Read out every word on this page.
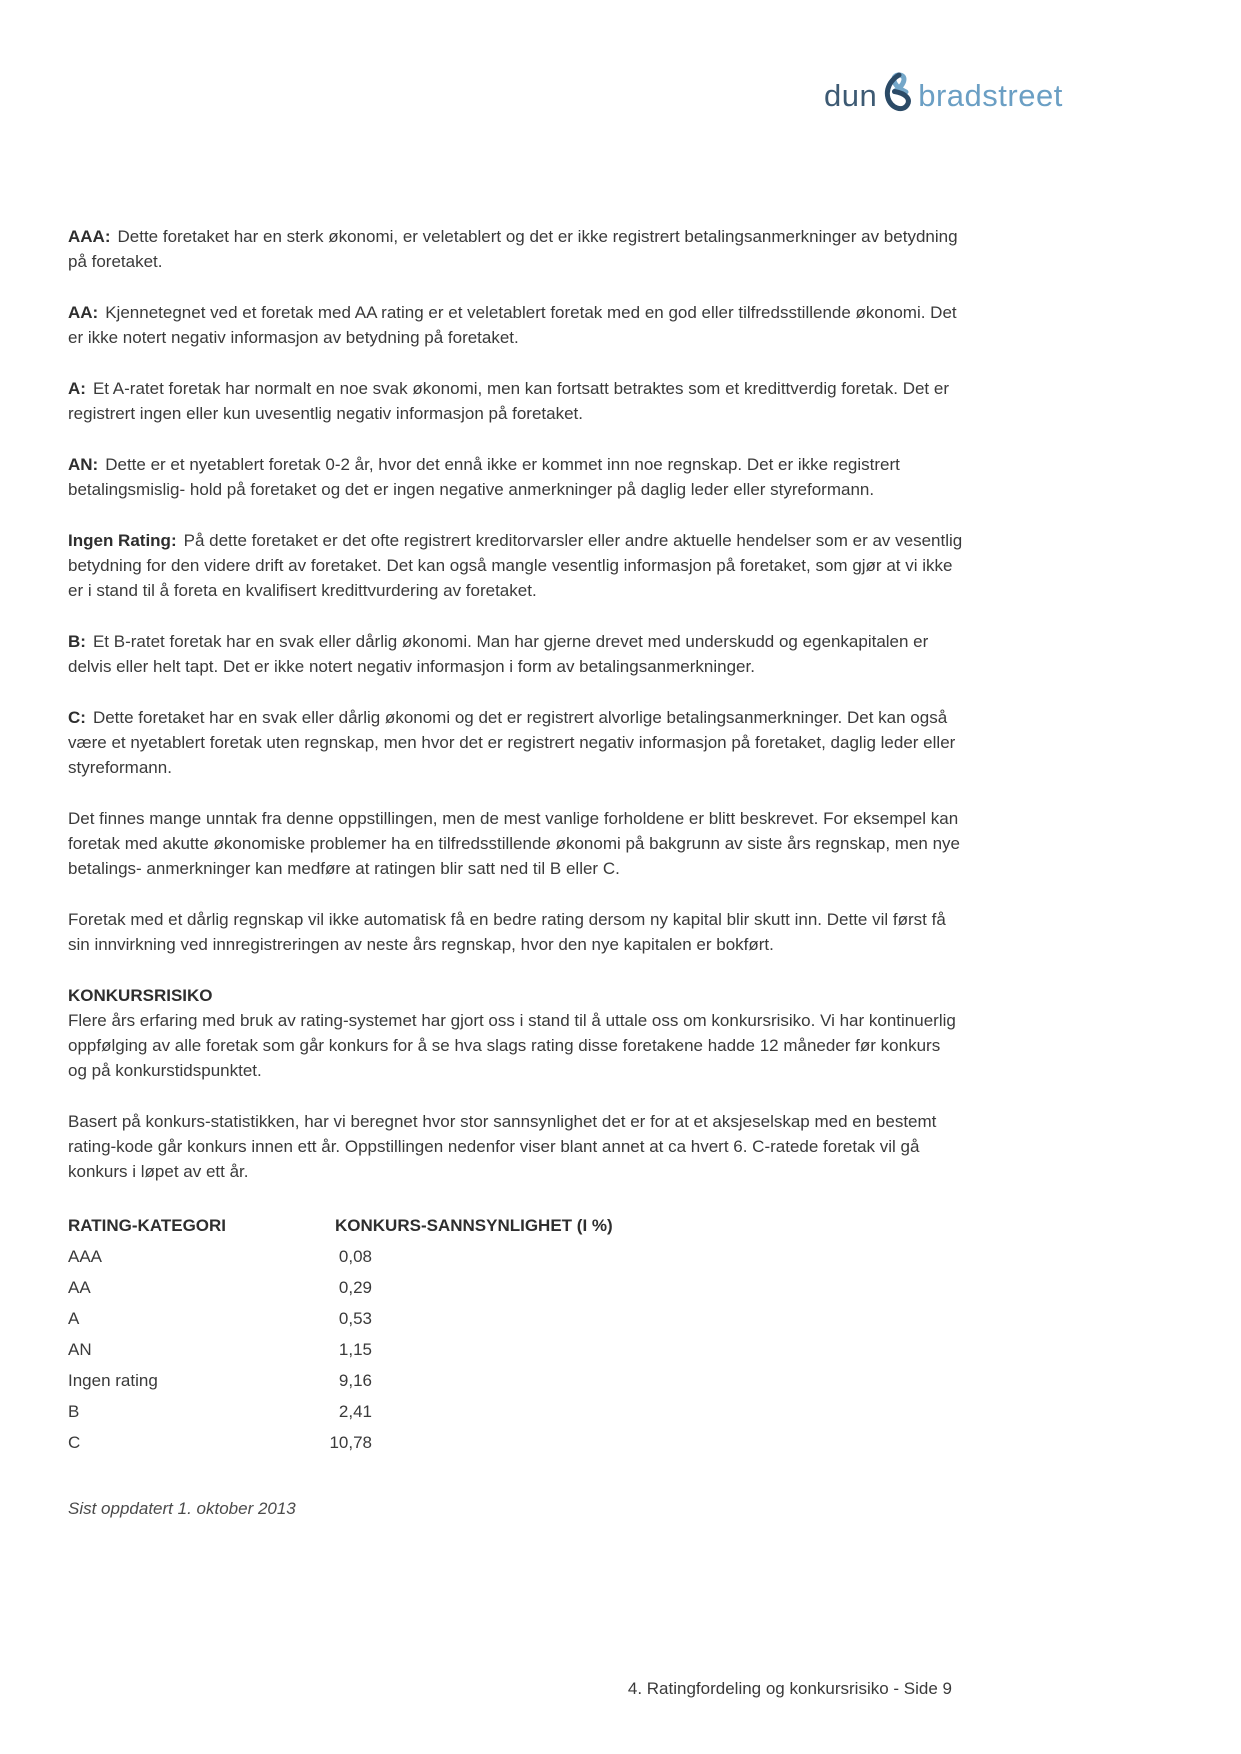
dun bradstreet

AAA: Dette foretaket har en sterk økonomi, er veletablert og det er ikke registrert betalingsanmerkninger av betydning på foretaket.

AA: Kjennetegnet ved et foretak med AA rating er et veletablert foretak med en god eller tilfredsstillende økonomi. Det er ikke notert negativ informasjon av betydning på foretaket.

A: Et A-ratet foretak har normalt en noe svak økonomi, men kan fortsatt betraktes som et kredittverdig foretak. Det er registrert ingen eller kun uvesentlig negativ informasjon på foretaket.

AN: Dette er et nyetablert foretak 0-2 år, hvor det ennå ikke er kommet inn noe regnskap. Det er ikke registrert betalingsmislig- hold på foretaket og det er ingen negative anmerkninger på daglig leder eller styreformann.

Ingen Rating: På dette foretaket er det ofte registrert kreditorvarsler eller andre aktuelle hendelser som er av vesentlig betydning for den videre drift av foretaket. Det kan også mangle vesentlig informasjon på foretaket, som gjør at vi ikke er i stand til å foreta en kvalifisert kredittvurdering av foretaket.

B: Et B-ratet foretak har en svak eller dårlig økonomi. Man har gjerne drevet med underskudd og egenkapitalen er delvis eller helt tapt. Det er ikke notert negativ informasjon i form av betalingsanmerkninger.

C: Dette foretaket har en svak eller dårlig økonomi og det er registrert alvorlige betalingsanmerkninger. Det kan også være et nyetablert foretak uten regnskap, men hvor det er registrert negativ informasjon på foretaket, daglig leder eller styreformann.

Det finnes mange unntak fra denne oppstillingen, men de mest vanlige forholdene er blitt beskrevet. For eksempel kan foretak med akutte økonomiske problemer ha en tilfredsstillende økonomi på bakgrunn av siste års regnskap, men nye betalings- anmerkninger kan medføre at ratingen blir satt ned til B eller C.

Foretak med et dårlig regnskap vil ikke automatisk få en bedre rating dersom ny kapital blir skutt inn. Dette vil først få sin innvirkning ved innregistreringen av neste års regnskap, hvor den nye kapitalen er bokført.

KONKURSRISIKO

Flere års erfaring med bruk av rating-systemet har gjort oss i stand til å uttale oss om konkursrisiko. Vi har kontinuerlig oppfølging av alle foretak som går konkurs for å se hva slags rating disse foretakene hadde 12 måneder før konkurs og på konkurstidspunktet.

Basert på konkurs-statistikken, har vi beregnet hvor stor sannsynlighet det er for at et aksjeselskap med en bestemt rating-kode går konkurs innen ett år. Oppstillingen nedenfor viser blant annet at ca hvert 6. C-ratede foretak vil gå konkurs i løpet av ett år.

RATING-KATEGORI	KONKURS-SANNSYNLIGHET (I %)
AAA	0,08
AA	0,29
A	0,53
AN	1,15
Ingen rating	9,16
B	2,41
C	10,78

Sist oppdatert 1. oktober 2013

4. Ratingfordeling og konkursrisiko - Side 9
